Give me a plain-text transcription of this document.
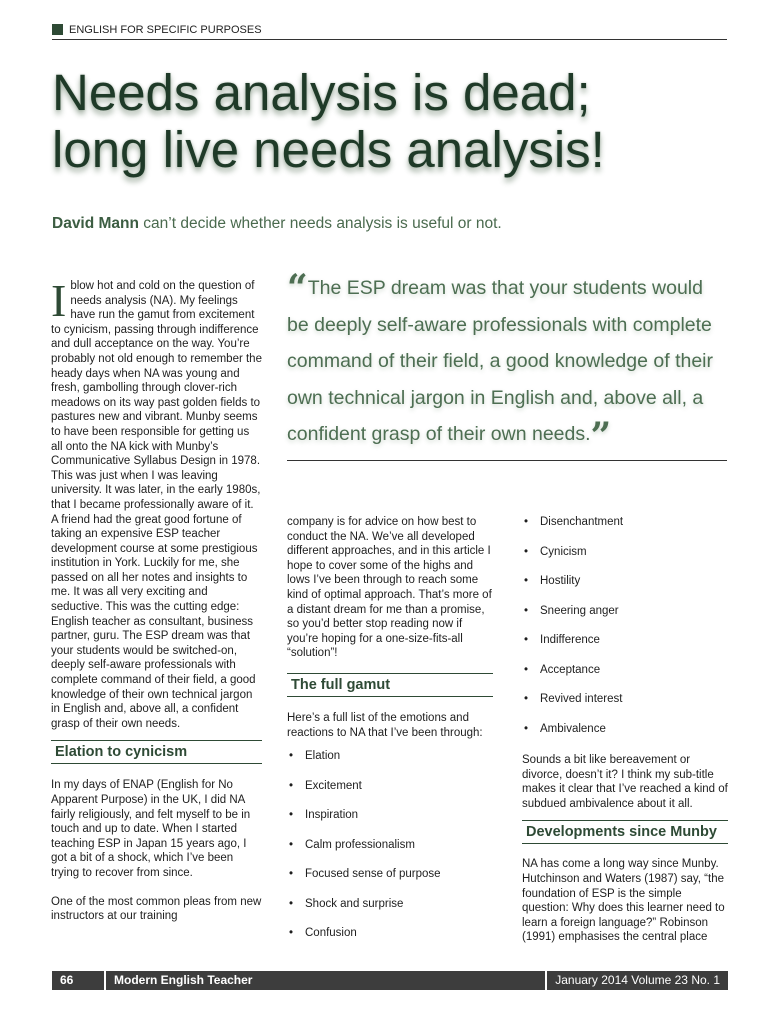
ENGLISH FOR SPECIFIC PURPOSES
Needs analysis is dead;
long live needs analysis!
David Mann can’t decide whether needs analysis is useful or not.

Iblow hot and cold on the question of needs analysis (NA). My feelings have run the gamut from excitement to cynicism, passing through indifference and dull acceptance on the way. You’re probably not old enough to remember the heady days when NA was young and fresh, gambolling through clover-rich meadows on its way past golden fields to pastures new and vibrant. Munby seems to have been responsible for getting us all onto the NA kick with Munby’s Communicative Syllabus Design in 1978. This was just when I was leaving university. It was later, in the early 1980s, that I became professionally aware of it. A friend had the great good fortune of taking an expensive ESP teacher development course at some prestigious institution in York. Luckily for me, she passed on all her notes and insights to me. It was all very exciting and seductive. This was the cutting edge: English teacher as consultant, business partner, guru. The ESP dream was that your students would be switched-on, deeply self-aware professionals with complete command of their field, a good knowledge of their own technical jargon in English and, above all, a confident grasp of their own needs.

Elation to cynicism

In my days of ENAP (English for No Apparent Purpose) in the UK, I did NA fairly religiously, and felt myself to be in touch and up to date. When I started teaching ESP in Japan 15 years ago, I got a bit of a shock, which I’ve been trying to recover from since.

One of the most common pleas from new instructors at our training

“The ESP dream was that your students would be deeply self-aware professionals with complete command of their field, a good knowledge of their own technical jargon in English and, above all, a confident grasp of their own needs.”

company is for advice on how best to conduct the NA. We’ve all developed different approaches, and in this article I hope to cover some of the highs and lows I’ve been through to reach some kind of optimal approach. That’s more of a distant dream for me than a promise, so you’d better stop reading now if you’re hoping for a one-size-fits-all “solution”!

The full gamut

Here’s a full list of the emotions and reactions to NA that I’ve been through:

• Elation
• Excitement
• Inspiration
• Calm professionalism
• Focused sense of purpose
• Shock and surprise
• Confusion
• Disenchantment
• Cynicism
• Hostility
• Sneering anger
• Indifference
• Acceptance
• Revived interest
• Ambivalence

Sounds a bit like bereavement or divorce, doesn’t it? I think my sub-title makes it clear that I’ve reached a kind of subdued ambivalence about it all.

Developments since Munby

NA has come a long way since Munby. Hutchinson and Waters (1987) say, “the foundation of ESP is the simple question: Why does this learner need to learn a foreign language?” Robinson (1991) emphasises the central place

66	Modern English Teacher	January 2014 Volume 23 No. 1
